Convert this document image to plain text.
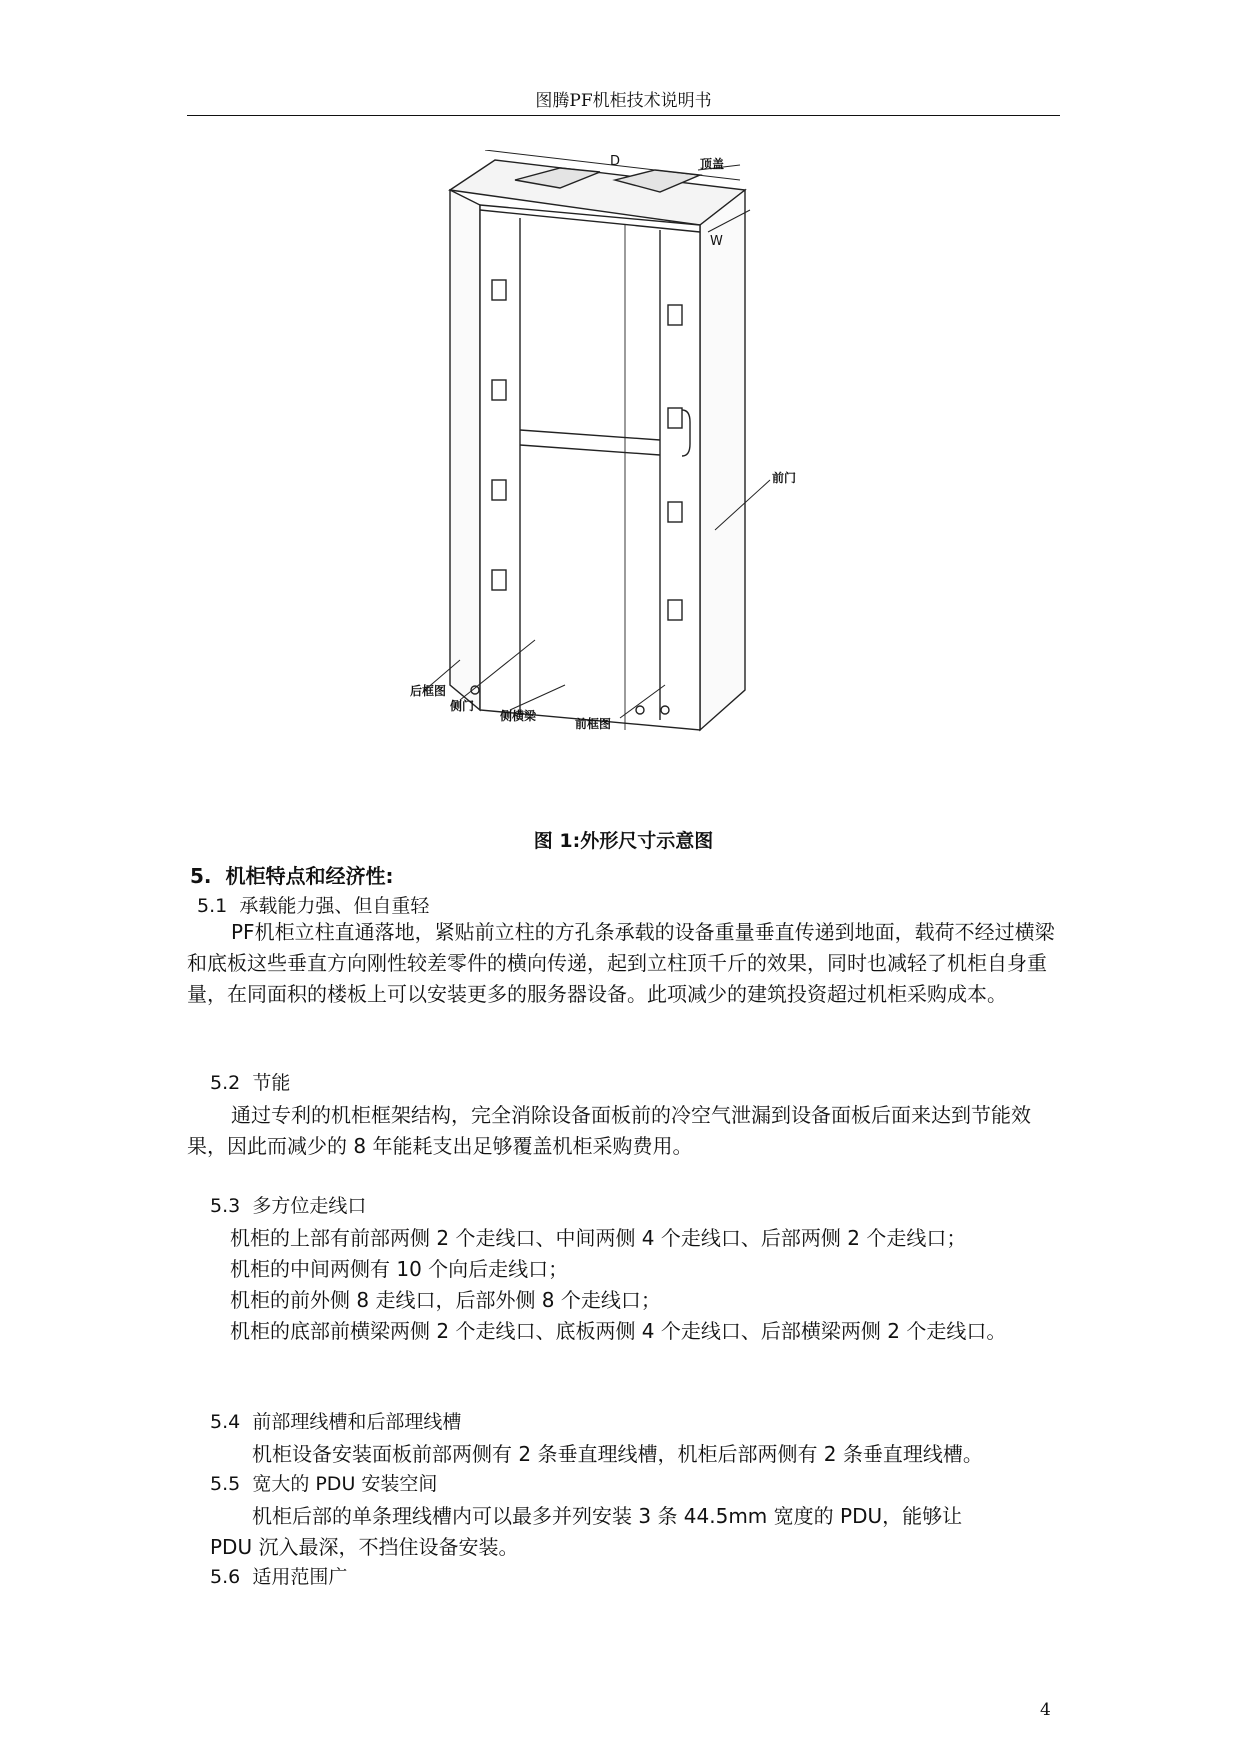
图腾PF机柜技术说明书
D
W
顶盖
前门
后框图
侧门
侧横梁
前框图
图 1:外形尺寸示意图
5. 机柜特点和经济性:
5.1 承载能力强、但自重轻
PF机柜立柱直通落地，紧贴前立柱的方孔条承载的设备重量垂直传递到地面，载荷不经过横梁和底板这些垂直方向刚性较差零件的横向传递，起到立柱顶千斤的效果，同时也减轻了机柜自身重量，在同面积的楼板上可以安装更多的服务器设备。此项减少的建筑投资超过机柜采购成本。
5.2 节能
通过专利的机柜框架结构，完全消除设备面板前的冷空气泄漏到设备面板后面来达到节能效果，因此而减少的 8 年能耗支出足够覆盖机柜采购费用。
5.3 多方位走线口
机柜的上部有前部两侧 2 个走线口、中间两侧 4 个走线口、后部两侧 2 个走线口；
机柜的中间两侧有 10 个向后走线口；
机柜的前外侧 8 走线口，后部外侧 8 个走线口；
机柜的底部前横梁两侧 2 个走线口、底板两侧 4 个走线口、后部横梁两侧 2 个走线口。
5.4 前部理线槽和后部理线槽
机柜设备安装面板前部两侧有 2 条垂直理线槽，机柜后部两侧有 2 条垂直理线槽。
5.5 宽大的 PDU 安装空间
机柜后部的单条理线槽内可以最多并列安装 3 条 44.5mm 宽度的 PDU，能够让
PDU 沉入最深，不挡住设备安装。
5.6 适用范围广
4
